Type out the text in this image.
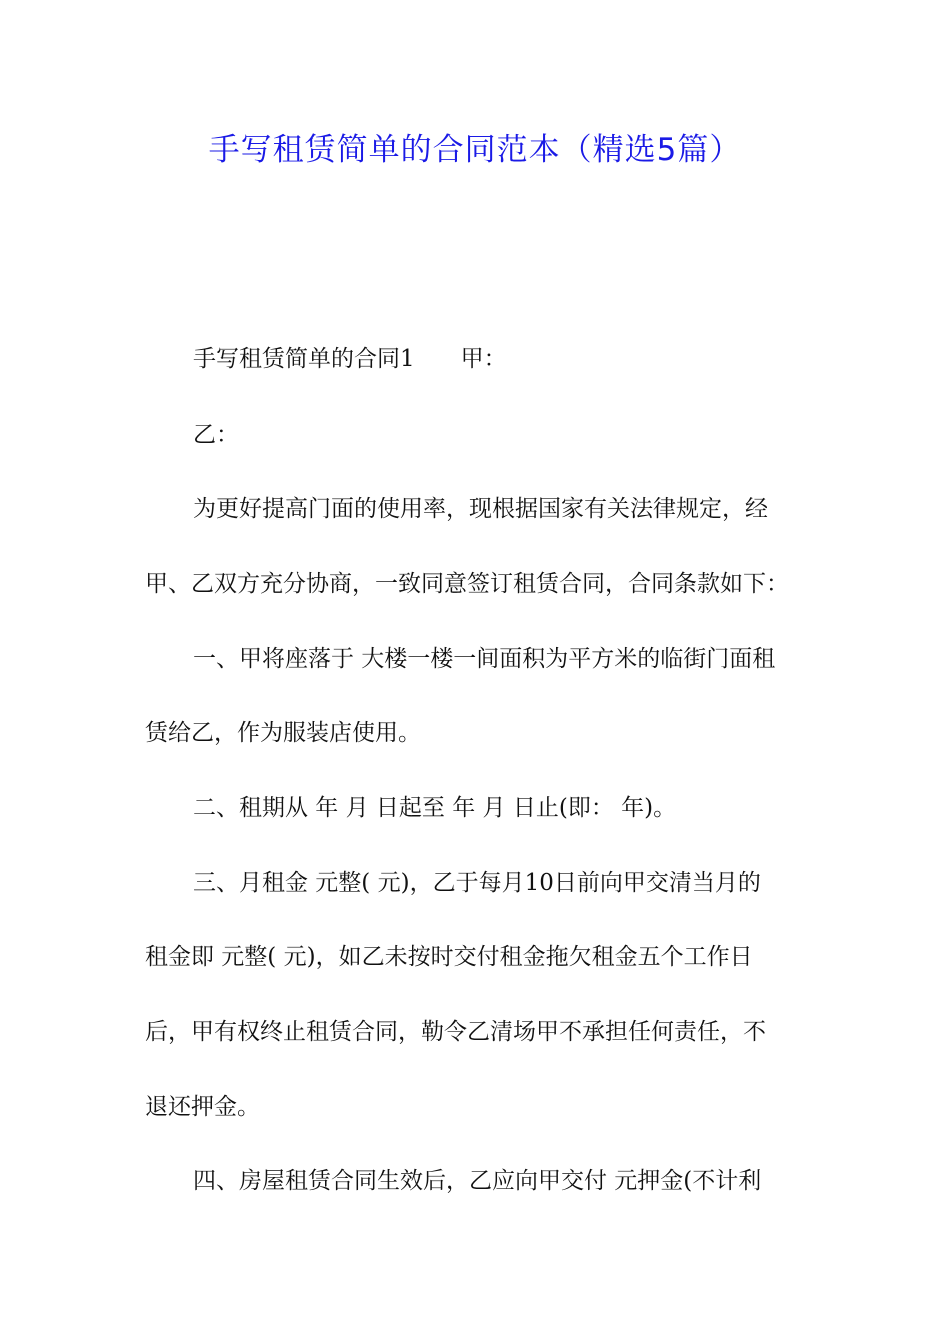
手写租赁简单的合同范本（精选5篇）
手写租赁简单的合同1 甲：
乙：
为更好提高门面的使用率，现根据国家有关法律规定，经
甲、乙双方充分协商，一致同意签订租赁合同，合同条款如下：
一、甲将座落于 大楼一楼一间面积为平方米的临街门面租
赁给乙，作为服装店使用。
二、租期从 年 月 日起至 年 月 日止(即： 年)。
三、月租金 元整( 元)，乙于每月10日前向甲交清当月的
租金即 元整( 元)，如乙未按时交付租金拖欠租金五个工作日
后，甲有权终止租赁合同，勒令乙清场甲不承担任何责任，不
退还押金。
四、房屋租赁合同生效后，乙应向甲交付 元押金(不计利
